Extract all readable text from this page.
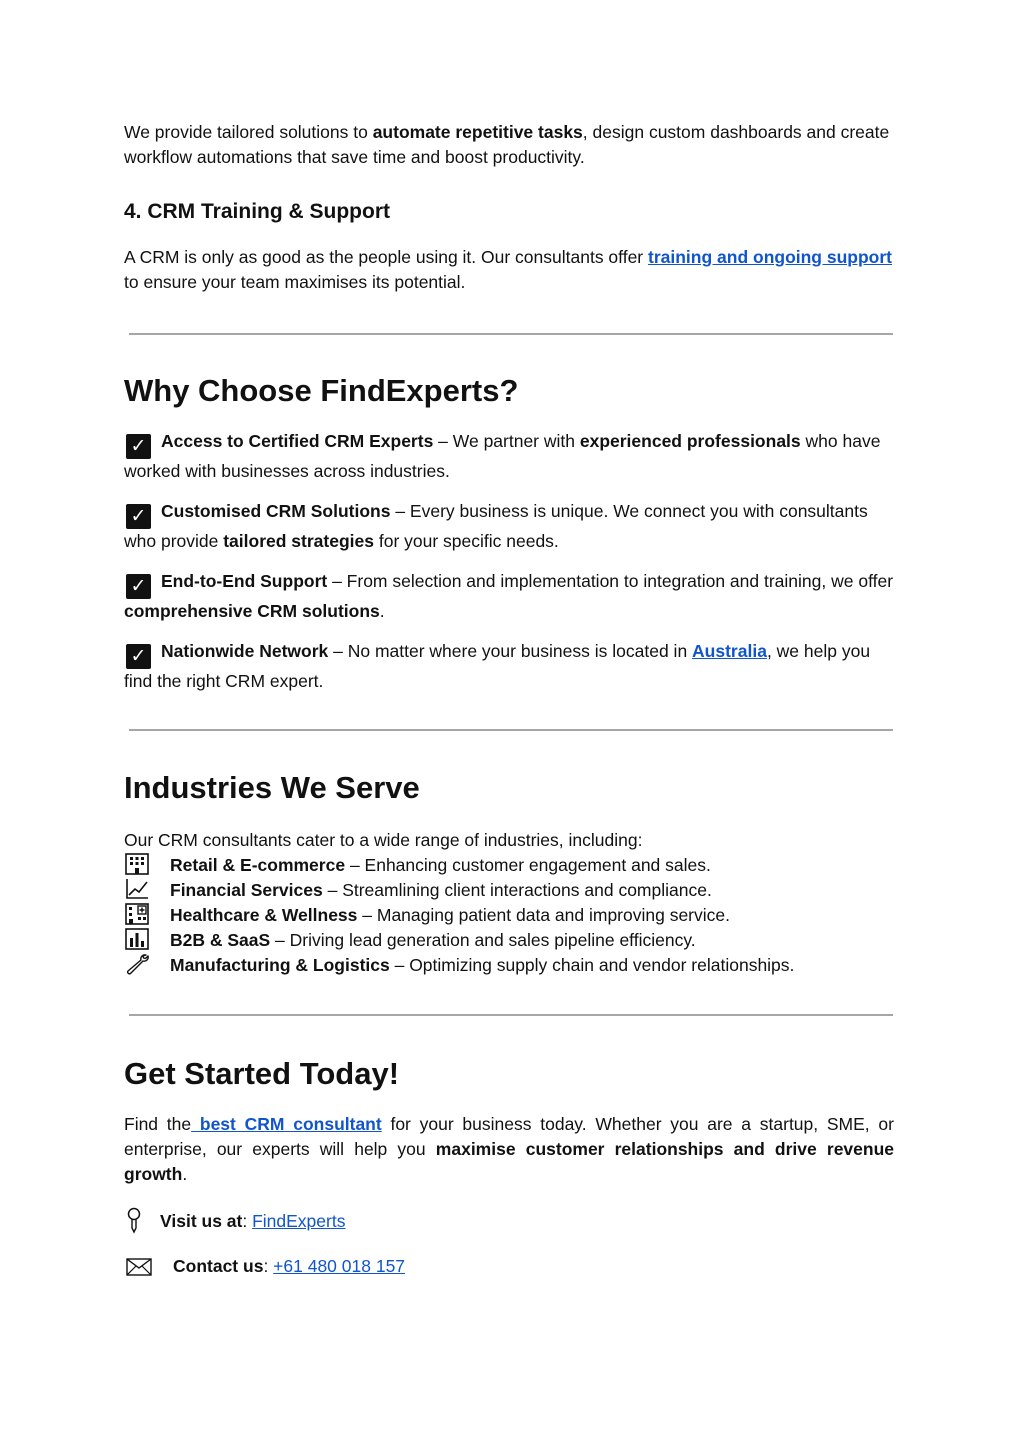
We provide tailored solutions to automate repetitive tasks, design custom dashboards and create workflow automations that save time and boost productivity.

4. CRM Training & Support

A CRM is only as good as the people using it. Our consultants offer training and ongoing support to ensure your team maximises its potential.

Why Choose FindExperts?

✓ Access to Certified CRM Experts – We partner with experienced professionals who have worked with businesses across industries.

✓ Customised CRM Solutions – Every business is unique. We connect you with consultants who provide tailored strategies for your specific needs.

✓ End-to-End Support – From selection and implementation to integration and training, we offer comprehensive CRM solutions.

✓ Nationwide Network – No matter where your business is located in Australia, we help you find the right CRM expert.

Industries We Serve
Our CRM consultants cater to a wide range of industries, including:
Retail & E-commerce – Enhancing customer engagement and sales.
Financial Services – Streamlining client interactions and compliance.
Healthcare & Wellness – Managing patient data and improving service.
B2B & SaaS – Driving lead generation and sales pipeline efficiency.
Manufacturing & Logistics – Optimizing supply chain and vendor relationships.
Get Started Today!

Find the best CRM consultant for your business today. Whether you are a startup, SME, or enterprise, our experts will help you maximise customer relationships and drive revenue growth.

Visit us at: FindExperts

Contact us: +61 480 018 157
